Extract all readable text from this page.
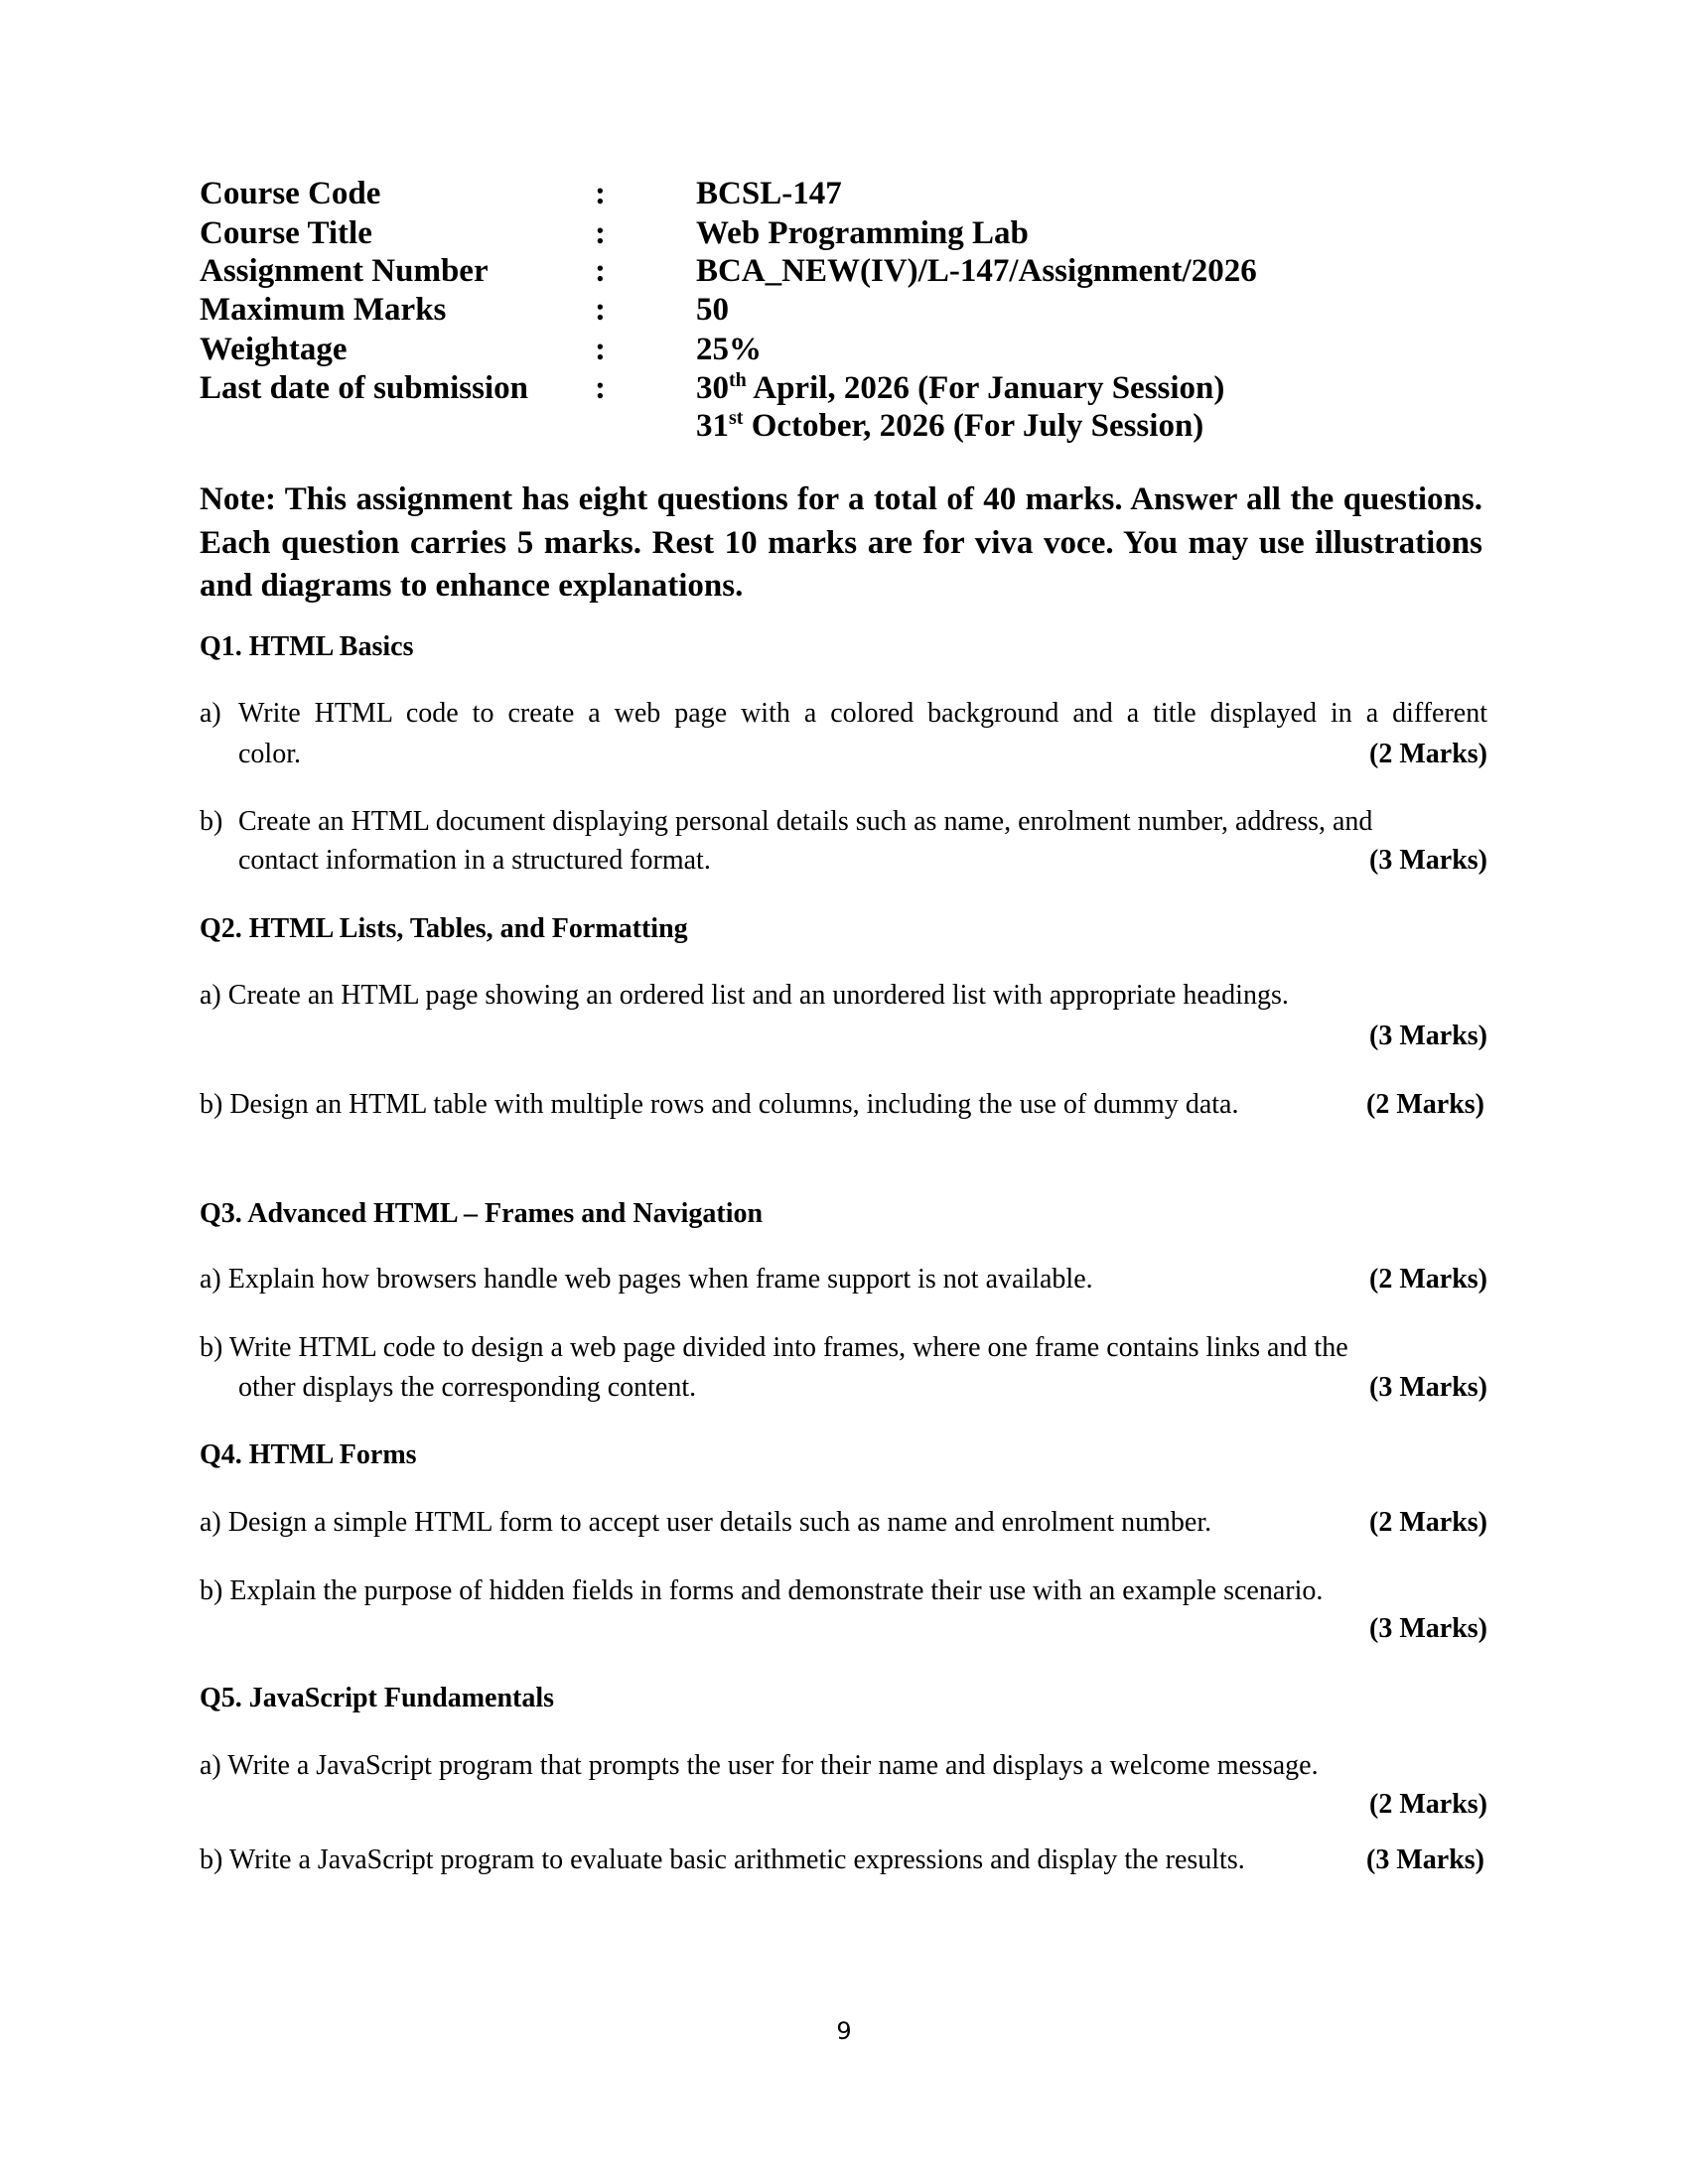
Course Code	:	BCSL-147
Course Title	:	Web Programming Lab
Assignment Number	:	BCA_NEW(IV)/L-147/Assignment/2026
Maximum Marks	:	50
Weightage	:	25%
Last date of submission :	30th April, 2026 (For January Session)
31st October, 2026 (For July Session)
Note: This assignment has eight questions for a total of 40 marks. Answer all the questions.
Each question carries 5 marks. Rest 10 marks are for viva voce. You may use illustrations
and diagrams to enhance explanations.
Q1. HTML Basics
a) Write HTML code to create a web page with a colored background and a title displayed in a different
color.	(2 Marks)
b) Create an HTML document displaying personal details such as name, enrolment number, address, and
contact information in a structured format.	(3 Marks)
Q2. HTML Lists, Tables, and Formatting
a) Create an HTML page showing an ordered list and an unordered list with appropriate headings.
(3 Marks)
b) Design an HTML table with multiple rows and columns, including the use of dummy data.	(2 Marks)
Q3. Advanced HTML – Frames and Navigation
a) Explain how browsers handle web pages when frame support is not available.	(2 Marks)
b) Write HTML code to design a web page divided into frames, where one frame contains links and the
other displays the corresponding content.	(3 Marks)
Q4. HTML Forms
a) Design a simple HTML form to accept user details such as name and enrolment number.	(2 Marks)
b) Explain the purpose of hidden fields in forms and demonstrate their use with an example scenario.
(3 Marks)
Q5. JavaScript Fundamentals
a) Write a JavaScript program that prompts the user for their name and displays a welcome message.
(2 Marks)
b) Write a JavaScript program to evaluate basic arithmetic expressions and display the results.	(3 Marks)
9
